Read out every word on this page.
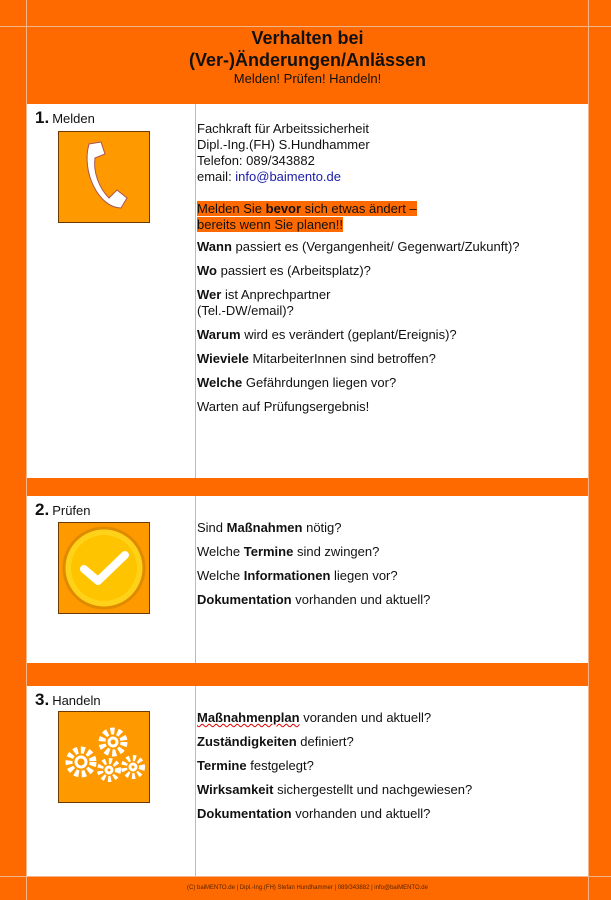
Verhalten bei
(Ver-)Änderungen/Anlässen
Melden! Prüfen! Handeln!
1. Melden
Fachkraft für Arbeitssicherheit
Dipl.-Ing.(FH) S.Hundhammer
Telefon: 089/343882
email: info@baimento.de
Melden Sie bevor sich etwas ändert –
bereits wenn Sie planen!!
Wann passiert es (Vergangenheit/ Gegenwart/Zukunft)?
Wo passiert es (Arbeitsplatz)?
Wer ist Anprechpartner
(Tel.-DW/email)?
Warum wird es verändert (geplant/Ereignis)?
Wieviele MitarbeiterInnen sind betroffen?
Welche Gefährdungen liegen vor?
Warten auf Prüfungsergebnis!
2. Prüfen
Sind Maßnahmen nötig?
Welche Termine sind zwingen?
Welche Informationen liegen vor?
Dokumentation vorhanden und aktuell?
3. Handeln
Maßnahmenplan voranden und aktuell?
Zuständigkeiten definiert?
Termine festgelegt?
Wirksamkeit sichergestellt und nachgewiesen?
Dokumentation vorhanden und aktuell?
(C) baiMENTO.de | Dipl.-Ing.(FH) Stefan Hundhammer | 089/343882 | info@baiMENTO.de
